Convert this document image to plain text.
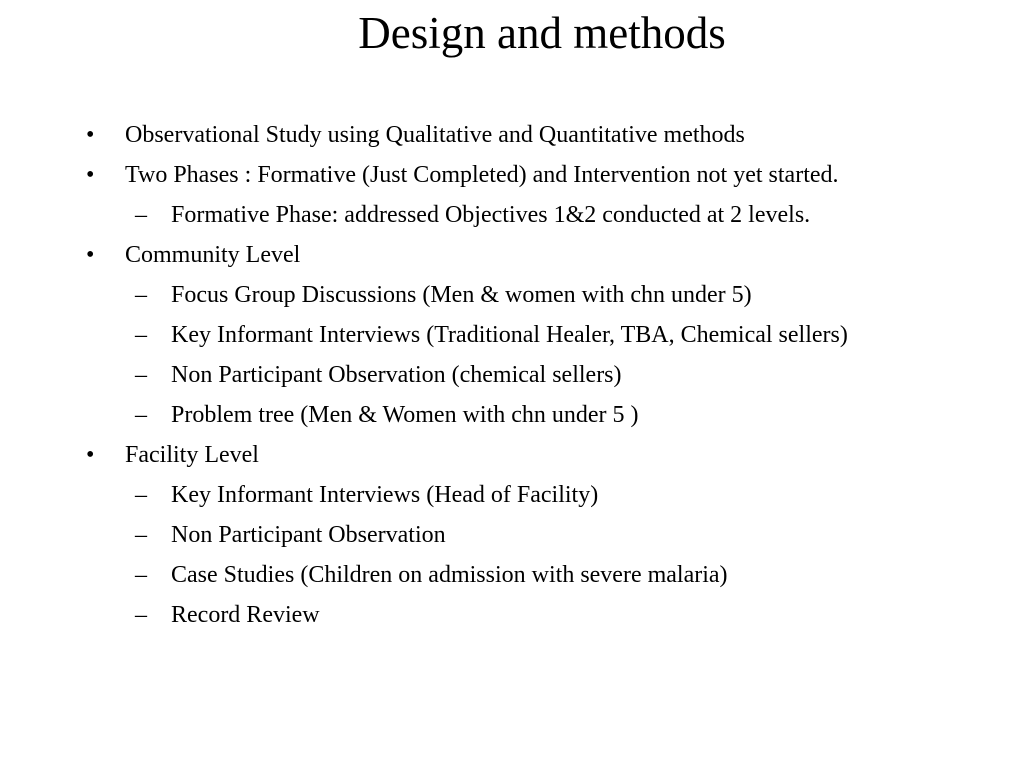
Design and methods
• Observational Study using Qualitative and Quantitative methods
• Two Phases : Formative (Just Completed) and Intervention not yet started.
– Formative Phase: addressed Objectives 1&2 conducted at 2 levels.
• Community Level
– Focus Group Discussions (Men & women with chn under 5)
– Key Informant Interviews (Traditional Healer, TBA, Chemical sellers)
– Non Participant Observation (chemical sellers)
– Problem tree (Men & Women with chn under 5 )
• Facility Level
– Key Informant Interviews (Head of Facility)
– Non Participant Observation
– Case Studies (Children on admission with severe malaria)
– Record Review
